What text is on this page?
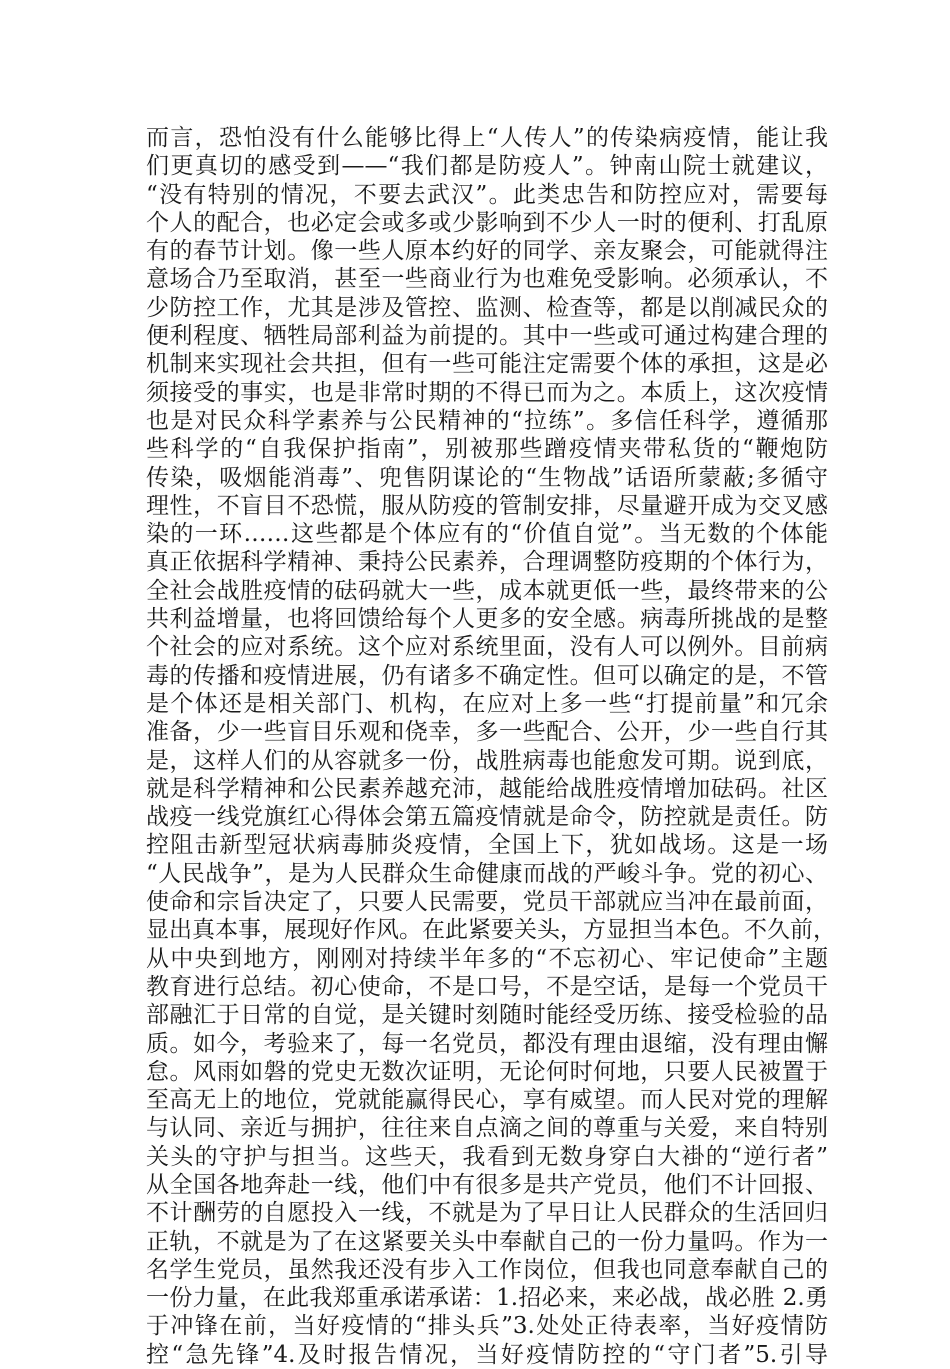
而言，恐怕没有什么能够比得上“人传人”的传染病疫情，能让我
们更真切的感受到——“我们都是防疫人”。钟南山院士就建议，
“没有特别的情况，不要去武汉”。此类忠告和防控应对，需要每
个人的配合，也必定会或多或少影响到不少人一时的便利、打乱原
有的春节计划。像一些人原本约好的同学、亲友聚会，可能就得注
意场合乃至取消，甚至一些商业行为也难免受影响。必须承认，不
少防控工作，尤其是涉及管控、监测、检查等，都是以削减民众的
便利程度、牺牲局部利益为前提的。其中一些或可通过构建合理的
机制来实现社会共担，但有一些可能注定需要个体的承担，这是必
须接受的事实，也是非常时期的不得已而为之。本质上，这次疫情
也是对民众科学素养与公民精神的“拉练”。多信任科学，遵循那
些科学的“自我保护指南”，别被那些蹭疫情夹带私货的“鞭炮防
传染，吸烟能消毒”、兜售阴谋论的“生物战”话语所蒙蔽;多循守
理性，不盲目不恐慌，服从防疫的管制安排，尽量避开成为交叉感
染的一环……这些都是个体应有的“价值自觉”。当无数的个体能
真正依据科学精神、秉持公民素养，合理调整防疫期的个体行为，
全社会战胜疫情的砝码就大一些，成本就更低一些，最终带来的公
共利益增量，也将回馈给每个人更多的安全感。病毒所挑战的是整
个社会的应对系统。这个应对系统里面，没有人可以例外。目前病
毒的传播和疫情进展，仍有诸多不确定性。但可以确定的是，不管
是个体还是相关部门、机构，在应对上多一些“打提前量”和冗余
准备，少一些盲目乐观和侥幸，多一些配合、公开，少一些自行其
是，这样人们的从容就多一份，战胜病毒也能愈发可期。说到底，
就是科学精神和公民素养越充沛，越能给战胜疫情增加砝码。社区
战疫一线党旗红心得体会第五篇疫情就是命令，防控就是责任。防
控阻击新型冠状病毒肺炎疫情，全国上下，犹如战场。这是一场
“人民战争”，是为人民群众生命健康而战的严峻斗争。党的初心、
使命和宗旨决定了，只要人民需要，党员干部就应当冲在最前面，
显出真本事，展现好作风。在此紧要关头，方显担当本色。不久前，
从中央到地方，刚刚对持续半年多的“不忘初心、牢记使命”主题
教育进行总结。初心使命，不是口号，不是空话，是每一个党员干
部融汇于日常的自觉，是关键时刻随时能经受历练、接受检验的品
质。如今，考验来了，每一名党员，都没有理由退缩，没有理由懈
怠。风雨如磐的党史无数次证明，无论何时何地，只要人民被置于
至高无上的地位，党就能赢得民心，享有威望。而人民对党的理解
与认同、亲近与拥护，往往来自点滴之间的尊重与关爱，来自特别
关头的守护与担当。这些天，我看到无数身穿白大褂的“逆行者”
从全国各地奔赴一线，他们中有很多是共产党员，他们不计回报、
不计酬劳的自愿投入一线，不就是为了早日让人民群众的生活回归
正轨，不就是为了在这紧要关头中奉献自己的一份力量吗。作为一
名学生党员，虽然我还没有步入工作岗位，但我也同意奉献自己的
一份力量，在此我郑重承诺承诺：1.招必来，来必战，战必胜 2.勇
于冲锋在前，当好疫情的“排头兵”3.处处正待表率，当好疫情防
控“急先锋”4.及时报告情况，当好疫情防控的“守门者”5.引导
